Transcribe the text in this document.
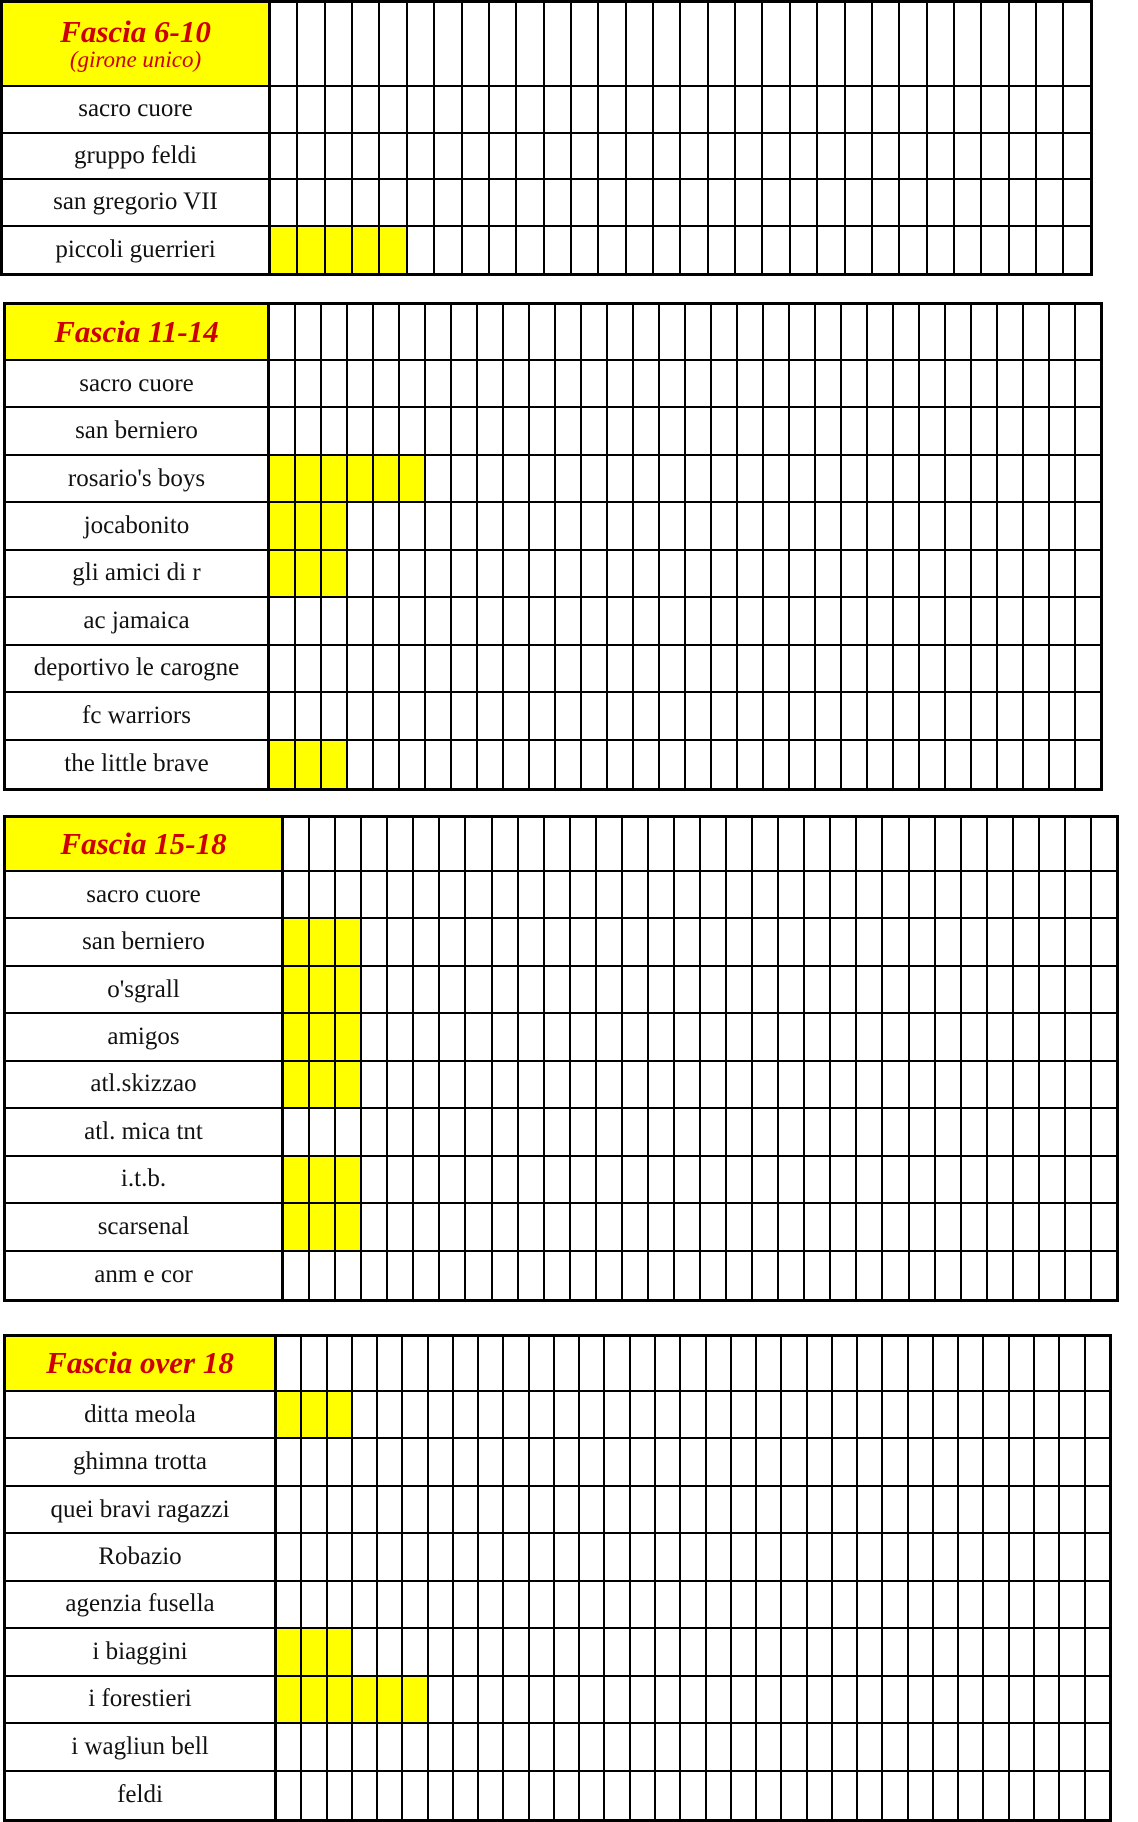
Fascia 6-10
(girone unico)
sacro cuore
gruppo feldi
san gregorio VII
piccoli guerrieri
Fascia 11-14
sacro cuore
san berniero
rosario's boys
jocabonito
gli amici di r
ac jamaica
deportivo le carogne
fc warriors
the little brave
Fascia 15-18
sacro cuore
san berniero
o'sgrall
amigos
atl.skizzao
atl. mica tnt
i.t.b.
scarsenal
anm e cor
Fascia over 18
ditta meola
ghimna trotta
quei bravi ragazzi
Robazio
agenzia fusella
i biaggini
i forestieri
i wagliun bell
feldi
